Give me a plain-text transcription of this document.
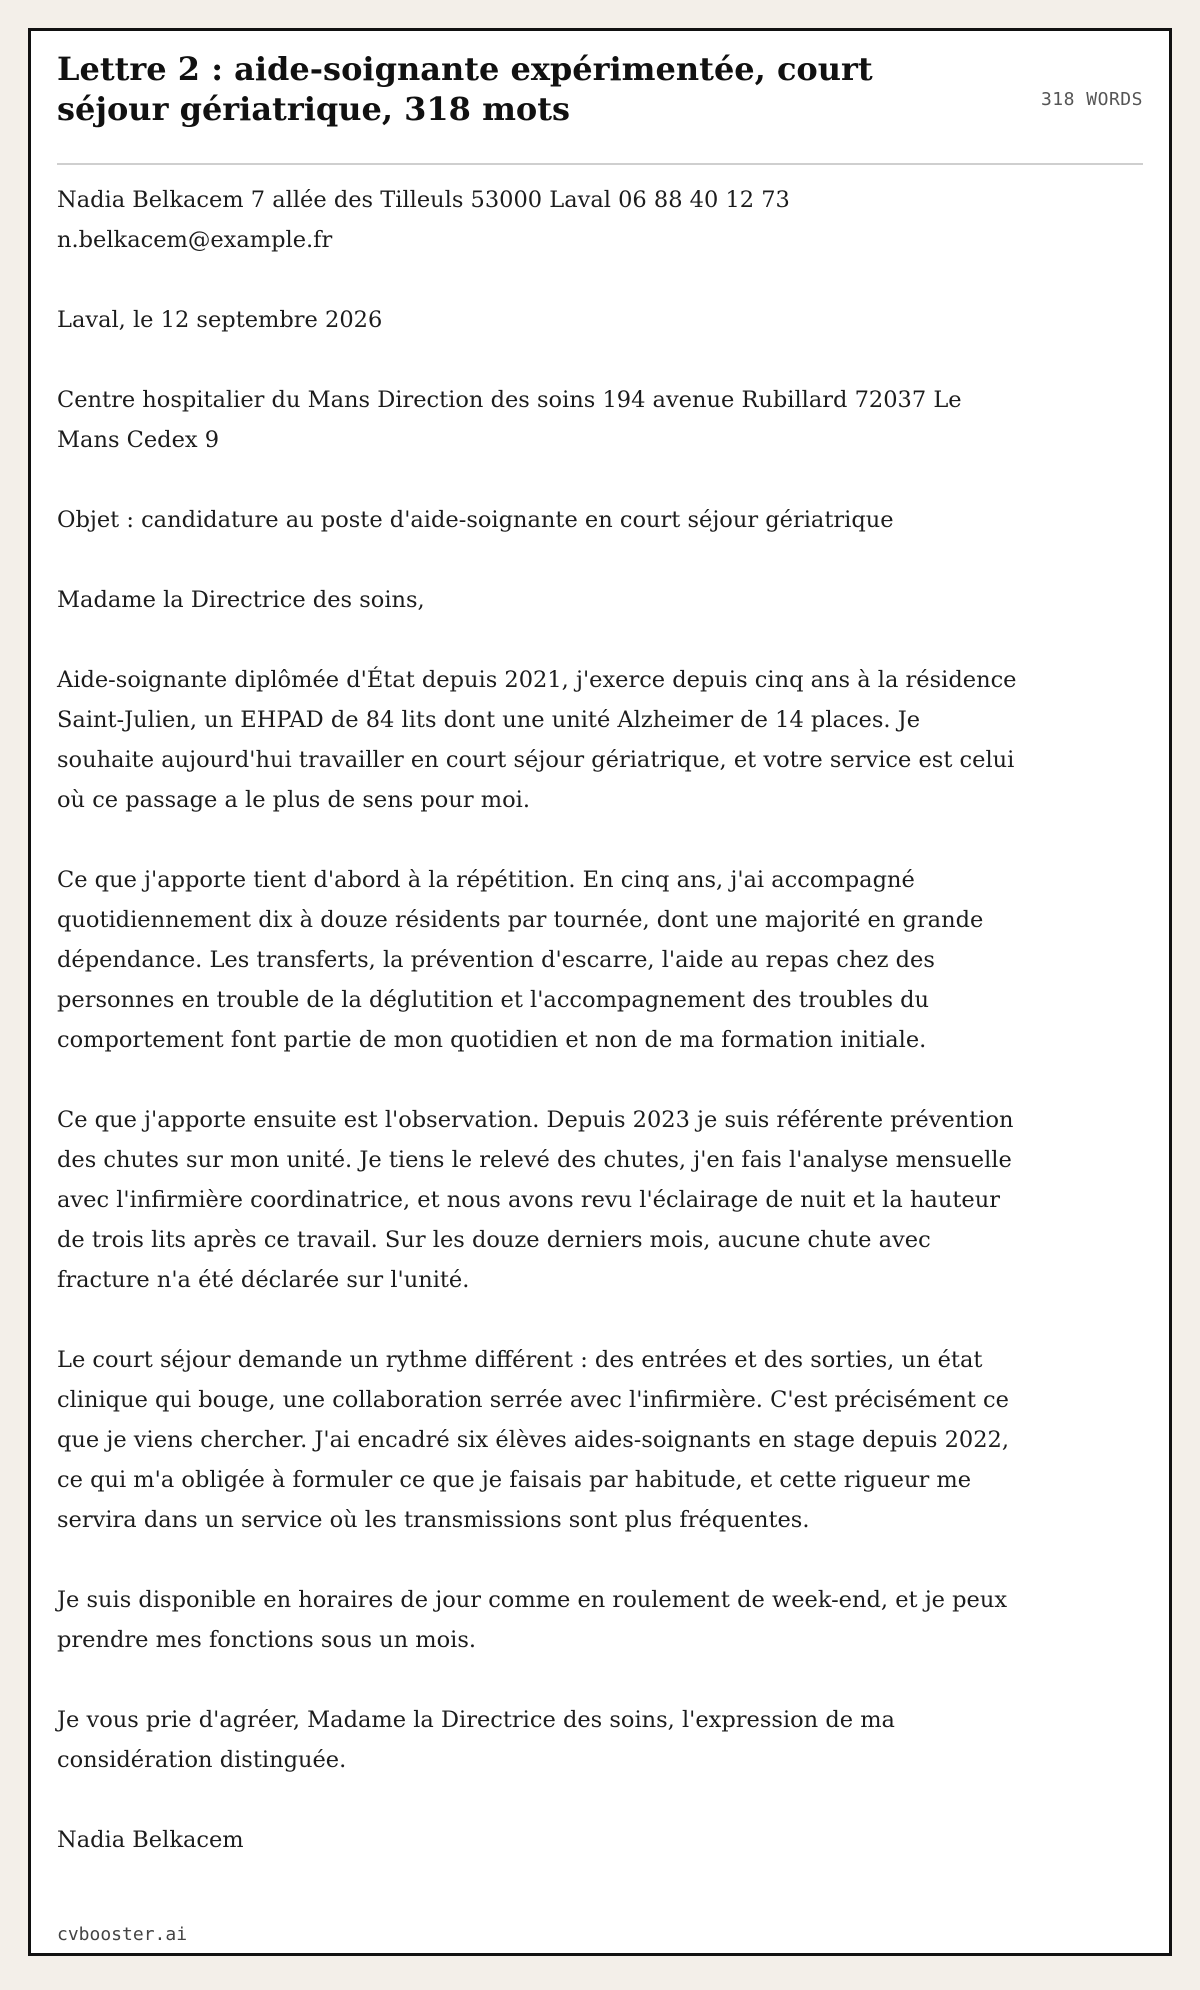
Lettre 2 : aide-soignante expérimentée, court séjour gériatrique, 318 mots	318 WORDS

Nadia Belkacem 7 allée des Tilleuls 53000 Laval 06 88 40 12 73 n.belkacem@example.fr

Laval, le 12 septembre 2026

Centre hospitalier du Mans Direction des soins 194 avenue Rubillard 72037 Le Mans Cedex 9

Objet : candidature au poste d'aide-soignante en court séjour gériatrique

Madame la Directrice des soins,

Aide-soignante diplômée d'État depuis 2021, j'exerce depuis cinq ans à la résidence Saint-Julien, un EHPAD de 84 lits dont une unité Alzheimer de 14 places. Je souhaite aujourd'hui travailler en court séjour gériatrique, et votre service est celui où ce passage a le plus de sens pour moi.

Ce que j'apporte tient d'abord à la répétition. En cinq ans, j'ai accompagné quotidiennement dix à douze résidents par tournée, dont une majorité en grande dépendance. Les transferts, la prévention d'escarre, l'aide au repas chez des personnes en trouble de la déglutition et l'accompagnement des troubles du comportement font partie de mon quotidien et non de ma formation initiale.

Ce que j'apporte ensuite est l'observation. Depuis 2023 je suis référente prévention des chutes sur mon unité. Je tiens le relevé des chutes, j'en fais l'analyse mensuelle avec l'infirmière coordinatrice, et nous avons revu l'éclairage de nuit et la hauteur de trois lits après ce travail. Sur les douze derniers mois, aucune chute avec fracture n'a été déclarée sur l'unité.

Le court séjour demande un rythme différent : des entrées et des sorties, un état clinique qui bouge, une collaboration serrée avec l'infirmière. C'est précisément ce que je viens chercher. J'ai encadré six élèves aides-soignants en stage depuis 2022, ce qui m'a obligée à formuler ce que je faisais par habitude, et cette rigueur me servira dans un service où les transmissions sont plus fréquentes.

Je suis disponible en horaires de jour comme en roulement de week-end, et je peux prendre mes fonctions sous un mois.

Je vous prie d'agréer, Madame la Directrice des soins, l'expression de ma considération distinguée.

Nadia Belkacem

cvbooster.ai
